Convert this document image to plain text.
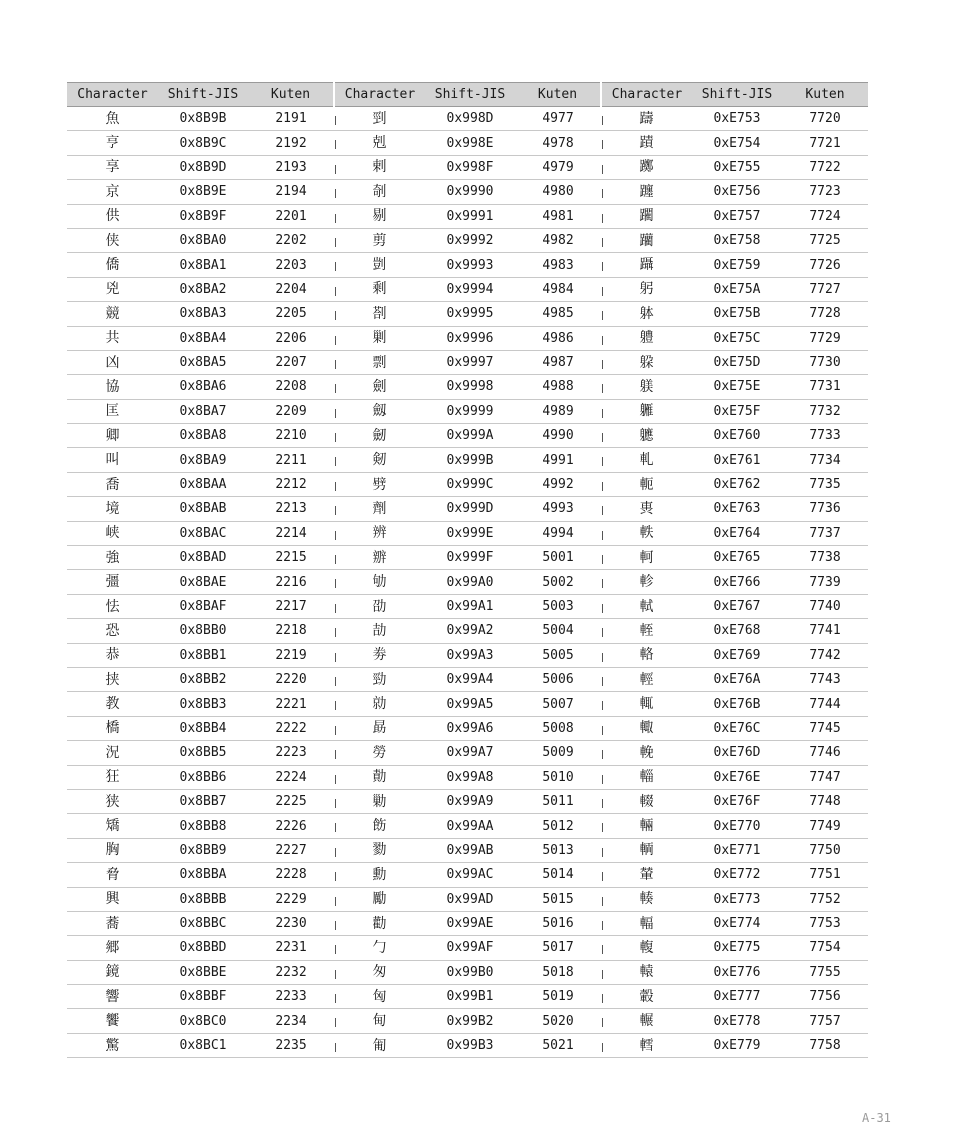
Character	Shift-JIS	Kuten	Character	Shift-JIS	Kuten	Character	Shift-JIS	Kuten
魚	0x8B9B	2191	剄	0x998D	4977	躊	0xE753	7720
亨	0x8B9C	2192	剋	0x998E	4978	蹟	0xE754	7721
享	0x8B9D	2193	剌	0x998F	4979	躑	0xE755	7722
京	0x8B9E	2194	剞	0x9990	4980	躔	0xE756	7723
供	0x8B9F	2201	剔	0x9991	4981	躙	0xE757	7724
侠	0x8BA0	2202	剪	0x9992	4982	躪	0xE758	7725
僑	0x8BA1	2203	剴	0x9993	4983	躡	0xE759	7726
兇	0x8BA2	2204	剩	0x9994	4984	躬	0xE75A	7727
競	0x8BA3	2205	剳	0x9995	4985	躰	0xE75B	7728
共	0x8BA4	2206	剿	0x9996	4986	軆	0xE75C	7729
凶	0x8BA5	2207	剽	0x9997	4987	躱	0xE75D	7730
協	0x8BA6	2208	劍	0x9998	4988	躾	0xE75E	7731
匡	0x8BA7	2209	劔	0x9999	4989	軅	0xE75F	7732
卿	0x8BA8	2210	劒	0x999A	4990	軈	0xE760	7733
叫	0x8BA9	2211	剱	0x999B	4991	軋	0xE761	7734
喬	0x8BAA	2212	劈	0x999C	4992	軛	0xE762	7735
境	0x8BAB	2213	劑	0x999D	4993	軣	0xE763	7736
峡	0x8BAC	2214	辨	0x999E	4994	軼	0xE764	7737
強	0x8BAD	2215	辧	0x999F	5001	軻	0xE765	7738
彊	0x8BAE	2216	劬	0x99A0	5002	軫	0xE766	7739
怯	0x8BAF	2217	劭	0x99A1	5003	軾	0xE767	7740
恐	0x8BB0	2218	劼	0x99A2	5004	輊	0xE768	7741
恭	0x8BB1	2219	劵	0x99A3	5005	輅	0xE769	7742
挟	0x8BB2	2220	勁	0x99A4	5006	輕	0xE76A	7743
教	0x8BB3	2221	勍	0x99A5	5007	輒	0xE76B	7744
橋	0x8BB4	2222	勗	0x99A6	5008	輙	0xE76C	7745
況	0x8BB5	2223	勞	0x99A7	5009	輓	0xE76D	7746
狂	0x8BB6	2224	勣	0x99A8	5010	輜	0xE76E	7747
狭	0x8BB7	2225	勦	0x99A9	5011	輟	0xE76F	7748
矯	0x8BB8	2226	飭	0x99AA	5012	輛	0xE770	7749
胸	0x8BB9	2227	勠	0x99AB	5013	輌	0xE771	7750
脅	0x8BBA	2228	勳	0x99AC	5014	輦	0xE772	7751
興	0x8BBB	2229	勵	0x99AD	5015	輳	0xE773	7752
蕎	0x8BBC	2230	勸	0x99AE	5016	輻	0xE774	7753
郷	0x8BBD	2231	勹	0x99AF	5017	輹	0xE775	7754
鏡	0x8BBE	2232	匆	0x99B0	5018	轅	0xE776	7755
響	0x8BBF	2233	匈	0x99B1	5019	轂	0xE777	7756
饗	0x8BC0	2234	甸	0x99B2	5020	輾	0xE778	7757
驚	0x8BC1	2235	匍	0x99B3	5021	轌	0xE779	7758
A-31
